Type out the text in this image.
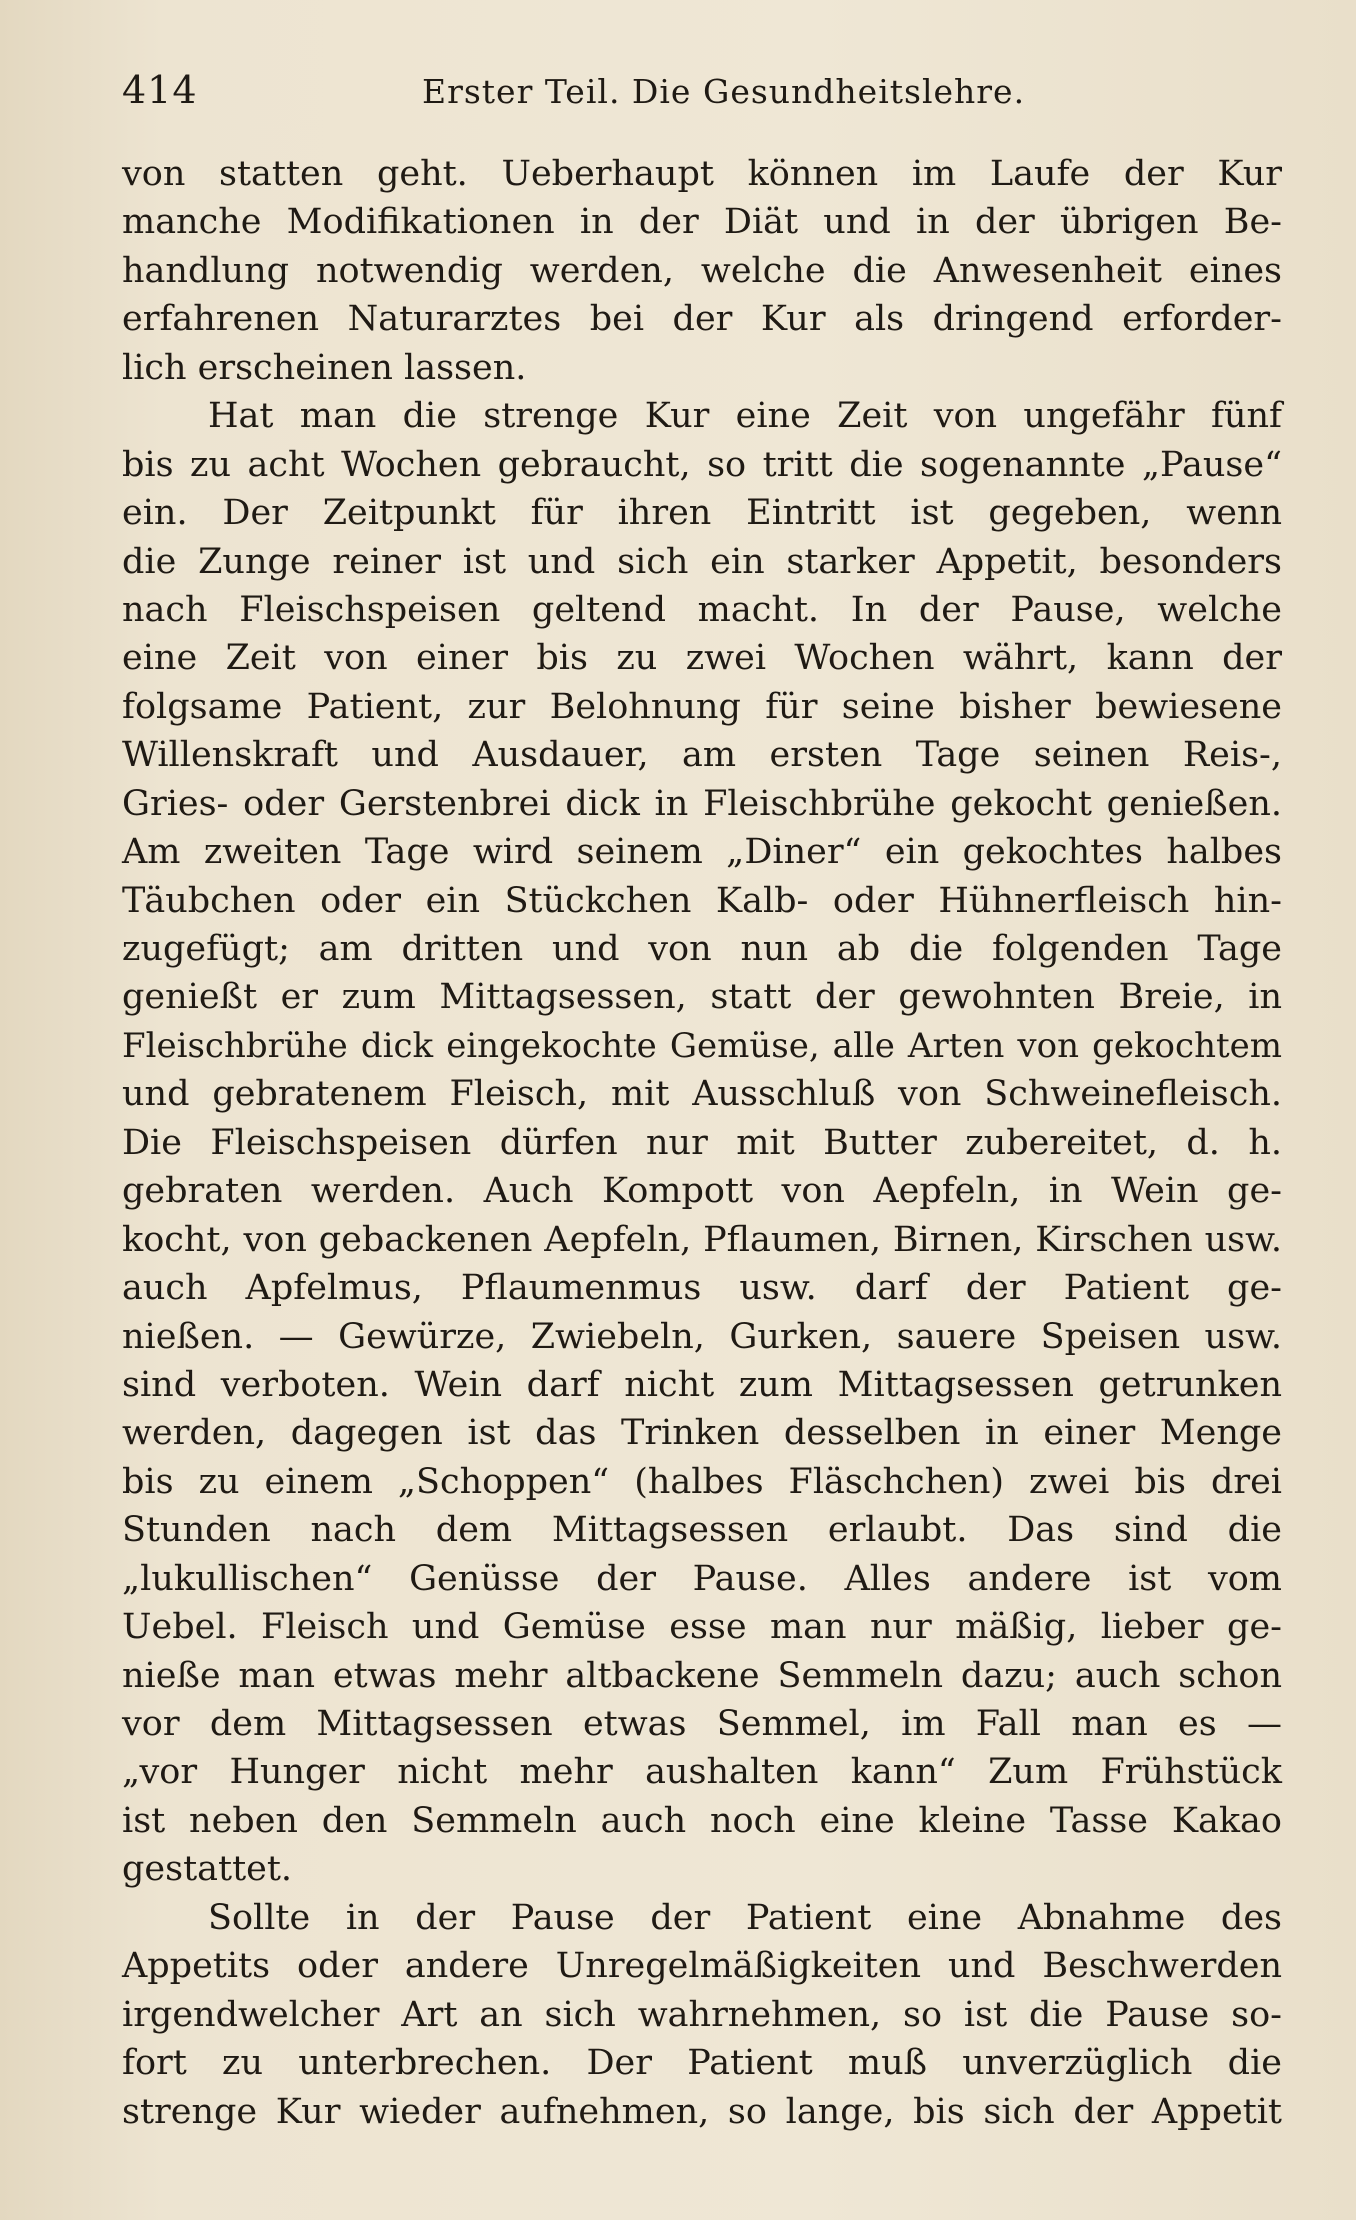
414	Erster Teil. Die Gesundheitslehre.
von statten geht. Ueberhaupt können im Laufe der Kur
manche Modifikationen in der Diät und in der übrigen Be-
handlung notwendig werden, welche die Anwesenheit eines
erfahrenen Naturarztes bei der Kur als dringend erforder-
lich erscheinen lassen.
Hat man die strenge Kur eine Zeit von ungefähr fünf
bis zu acht Wochen gebraucht, so tritt die sogenannte „Pause“
ein. Der Zeitpunkt für ihren Eintritt ist gegeben, wenn
die Zunge reiner ist und sich ein starker Appetit, besonders
nach Fleischspeisen geltend macht. In der Pause, welche
eine Zeit von einer bis zu zwei Wochen währt, kann der
folgsame Patient, zur Belohnung für seine bisher bewiesene
Willenskraft und Ausdauer, am ersten Tage seinen Reis-,
Gries- oder Gerstenbrei dick in Fleischbrühe gekocht genießen.
Am zweiten Tage wird seinem „Diner“ ein gekochtes halbes
Täubchen oder ein Stückchen Kalb- oder Hühnerfleisch hin-
zugefügt; am dritten und von nun ab die folgenden Tage
genießt er zum Mittagsessen, statt der gewohnten Breie, in
Fleischbrühe dick eingekochte Gemüse, alle Arten von gekochtem
und gebratenem Fleisch, mit Ausschluß von Schweinefleisch.
Die Fleischspeisen dürfen nur mit Butter zubereitet, d. h.
gebraten werden. Auch Kompott von Aepfeln, in Wein ge-
kocht, von gebackenen Aepfeln, Pflaumen, Birnen, Kirschen usw.
auch Apfelmus, Pflaumenmus usw. darf der Patient ge-
nießen. — Gewürze, Zwiebeln, Gurken, sauere Speisen usw.
sind verboten. Wein darf nicht zum Mittagsessen getrunken
werden, dagegen ist das Trinken desselben in einer Menge
bis zu einem „Schoppen“ (halbes Fläschchen) zwei bis drei
Stunden nach dem Mittagsessen erlaubt. Das sind die
„lukullischen“ Genüsse der Pause. Alles andere ist vom
Uebel. Fleisch und Gemüse esse man nur mäßig, lieber ge-
nieße man etwas mehr altbackene Semmeln dazu; auch schon
vor dem Mittagsessen etwas Semmel, im Fall man es —
„vor Hunger nicht mehr aushalten kann“ Zum Frühstück
ist neben den Semmeln auch noch eine kleine Tasse Kakao
gestattet.
Sollte in der Pause der Patient eine Abnahme des
Appetits oder andere Unregelmäßigkeiten und Beschwerden
irgendwelcher Art an sich wahrnehmen, so ist die Pause so-
fort zu unterbrechen. Der Patient muß unverzüglich die
strenge Kur wieder aufnehmen, so lange, bis sich der Appetit
